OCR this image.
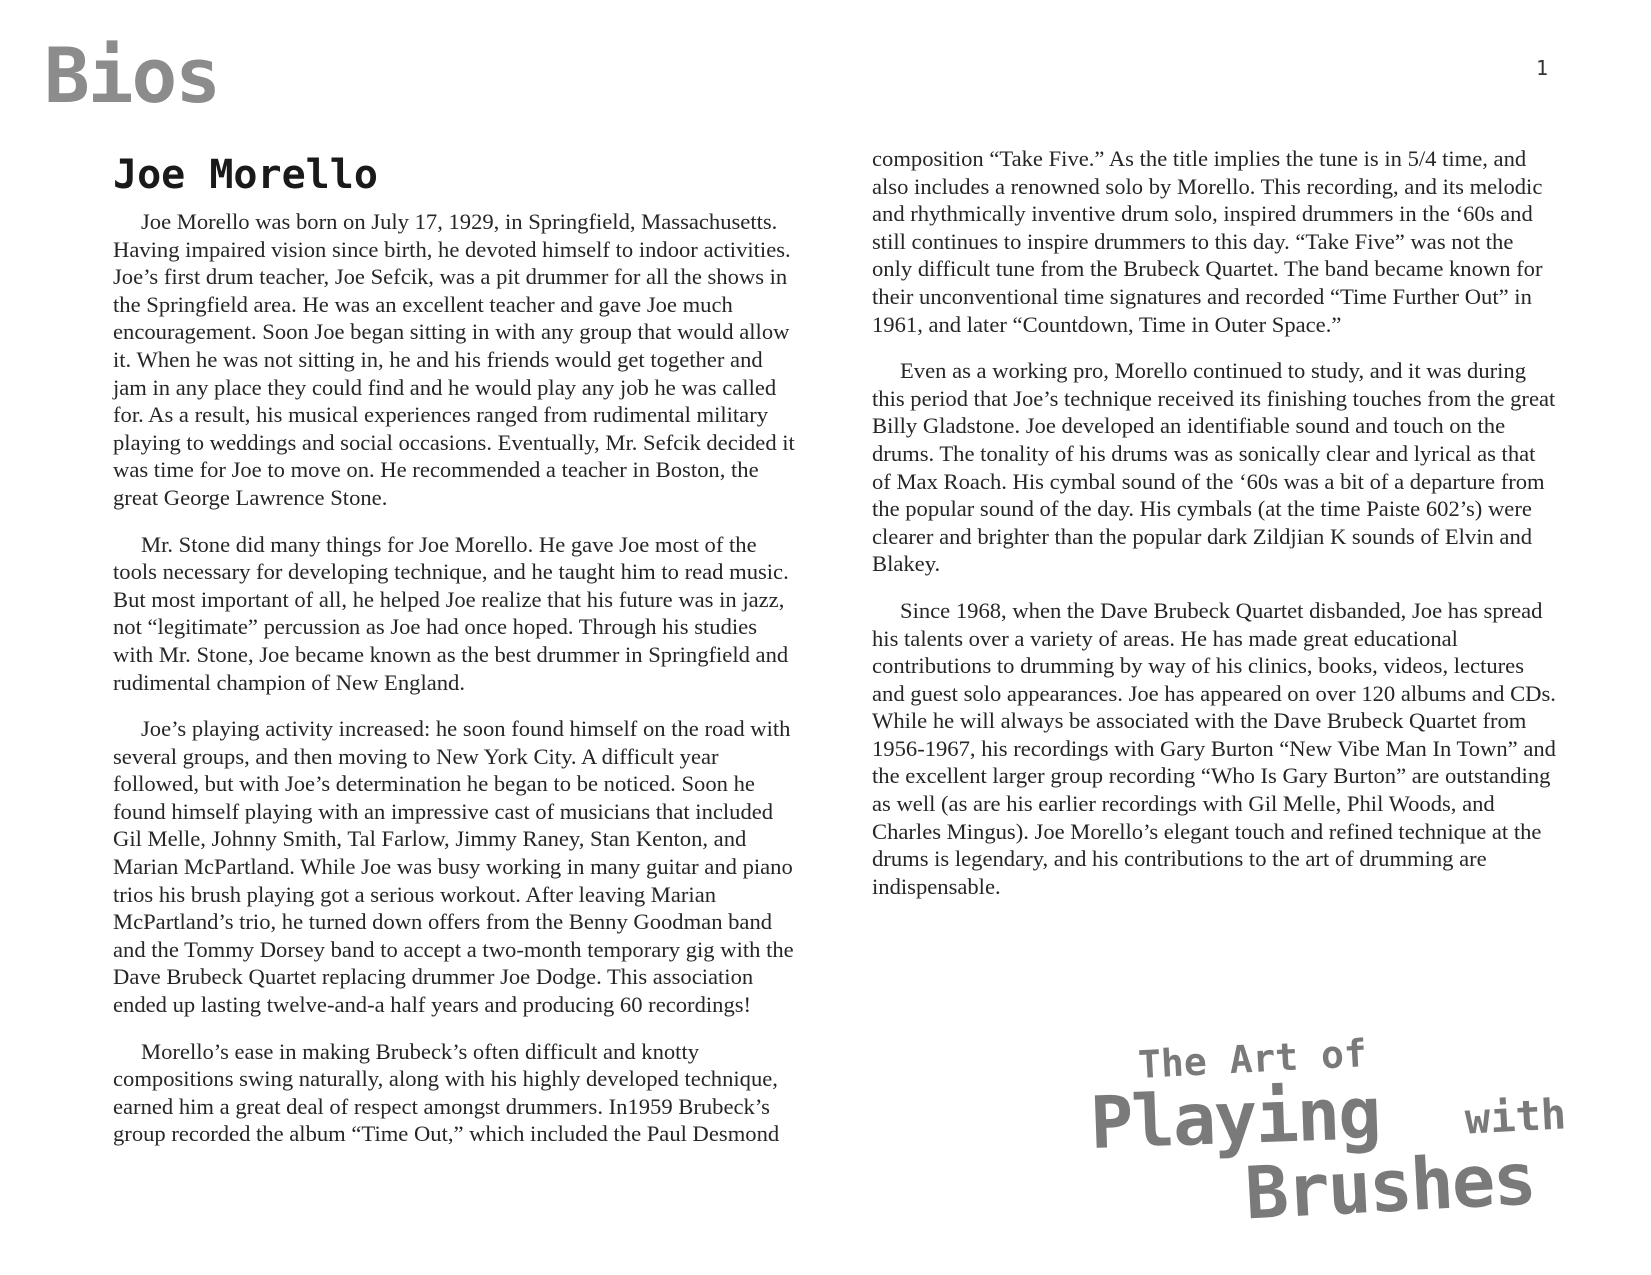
Bios	1
Joe Morello

Joe Morello was born on July 17, 1929, in Springfield, Massachusetts. Having impaired vision since birth, he devoted himself to indoor activities. Joe’s first drum teacher, Joe Sefcik, was a pit drummer for all the shows in the Springfield area. He was an excellent teacher and gave Joe much encouragement. Soon Joe began sitting in with any group that would allow it. When he was not sitting in, he and his friends would get together and jam in any place they could find and he would play any job he was called for. As a result, his musical experiences ranged from rudimental military playing to weddings and social occasions. Eventually, Mr. Sefcik decided it was time for Joe to move on. He recommended a teacher in Boston, the great George Lawrence Stone.

Mr. Stone did many things for Joe Morello. He gave Joe most of the tools necessary for developing technique, and he taught him to read music. But most important of all, he helped Joe realize that his future was in jazz, not “legitimate” percussion as Joe had once hoped. Through his studies with Mr. Stone, Joe became known as the best drummer in Springfield and rudimental champion of New England.

Joe’s playing activity increased: he soon found himself on the road with several groups, and then moving to New York City. A difficult year followed, but with Joe’s determination he began to be noticed. Soon he found himself playing with an impressive cast of musicians that included Gil Melle, Johnny Smith, Tal Farlow, Jimmy Raney, Stan Kenton, and Marian McPartland. While Joe was busy working in many guitar and piano trios his brush playing got a serious workout. After leaving Marian McPartland’s trio, he turned down offers from the Benny Goodman band and the Tommy Dorsey band to accept a two-month temporary gig with the Dave Brubeck Quartet replacing drummer Joe Dodge. This association ended up lasting twelve-and-a half years and producing 60 recordings!

Morello’s ease in making Brubeck’s often difficult and knotty compositions swing naturally, along with his highly developed technique, earned him a great deal of respect amongst drummers. In1959 Brubeck’s group recorded the album “Time Out,” which included the Paul Desmond

composition “Take Five.” As the title implies the tune is in 5/4 time, and also includes a renowned solo by Morello. This recording, and its melodic and rhythmically inventive drum solo, inspired drummers in the ‘60s and still continues to inspire drummers to this day. “Take Five” was not the only difficult tune from the Brubeck Quartet. The band became known for their unconventional time signatures and recorded “Time Further Out” in 1961, and later “Countdown, Time in Outer Space.”

Even as a working pro, Morello continued to study, and it was during this period that Joe’s technique received its finishing touches from the great Billy Gladstone. Joe developed an identifiable sound and touch on the drums. The tonality of his drums was as sonically clear and lyrical as that of Max Roach. His cymbal sound of the ‘60s was a bit of a departure from the popular sound of the day. His cymbals (at the time Paiste 602’s) were clearer and brighter than the popular dark Zildjian K sounds of Elvin and Blakey.

Since 1968, when the Dave Brubeck Quartet disbanded, Joe has spread his talents over a variety of areas. He has made great educational contributions to drumming by way of his clinics, books, videos, lectures and guest solo appearances. Joe has appeared on over 120 albums and CDs. While he will always be associated with the Dave Brubeck Quartet from 1956-1967, his recordings with Gary Burton “New Vibe Man In Town” and the excellent larger group recording “Who Is Gary Burton” are outstanding as well (as are his earlier recordings with Gil Melle, Phil Woods, and Charles Mingus). Joe Morello’s elegant touch and refined technique at the drums is legendary, and his contributions to the art of drumming are indispensable.

The Art of
Playing with
Brushes
